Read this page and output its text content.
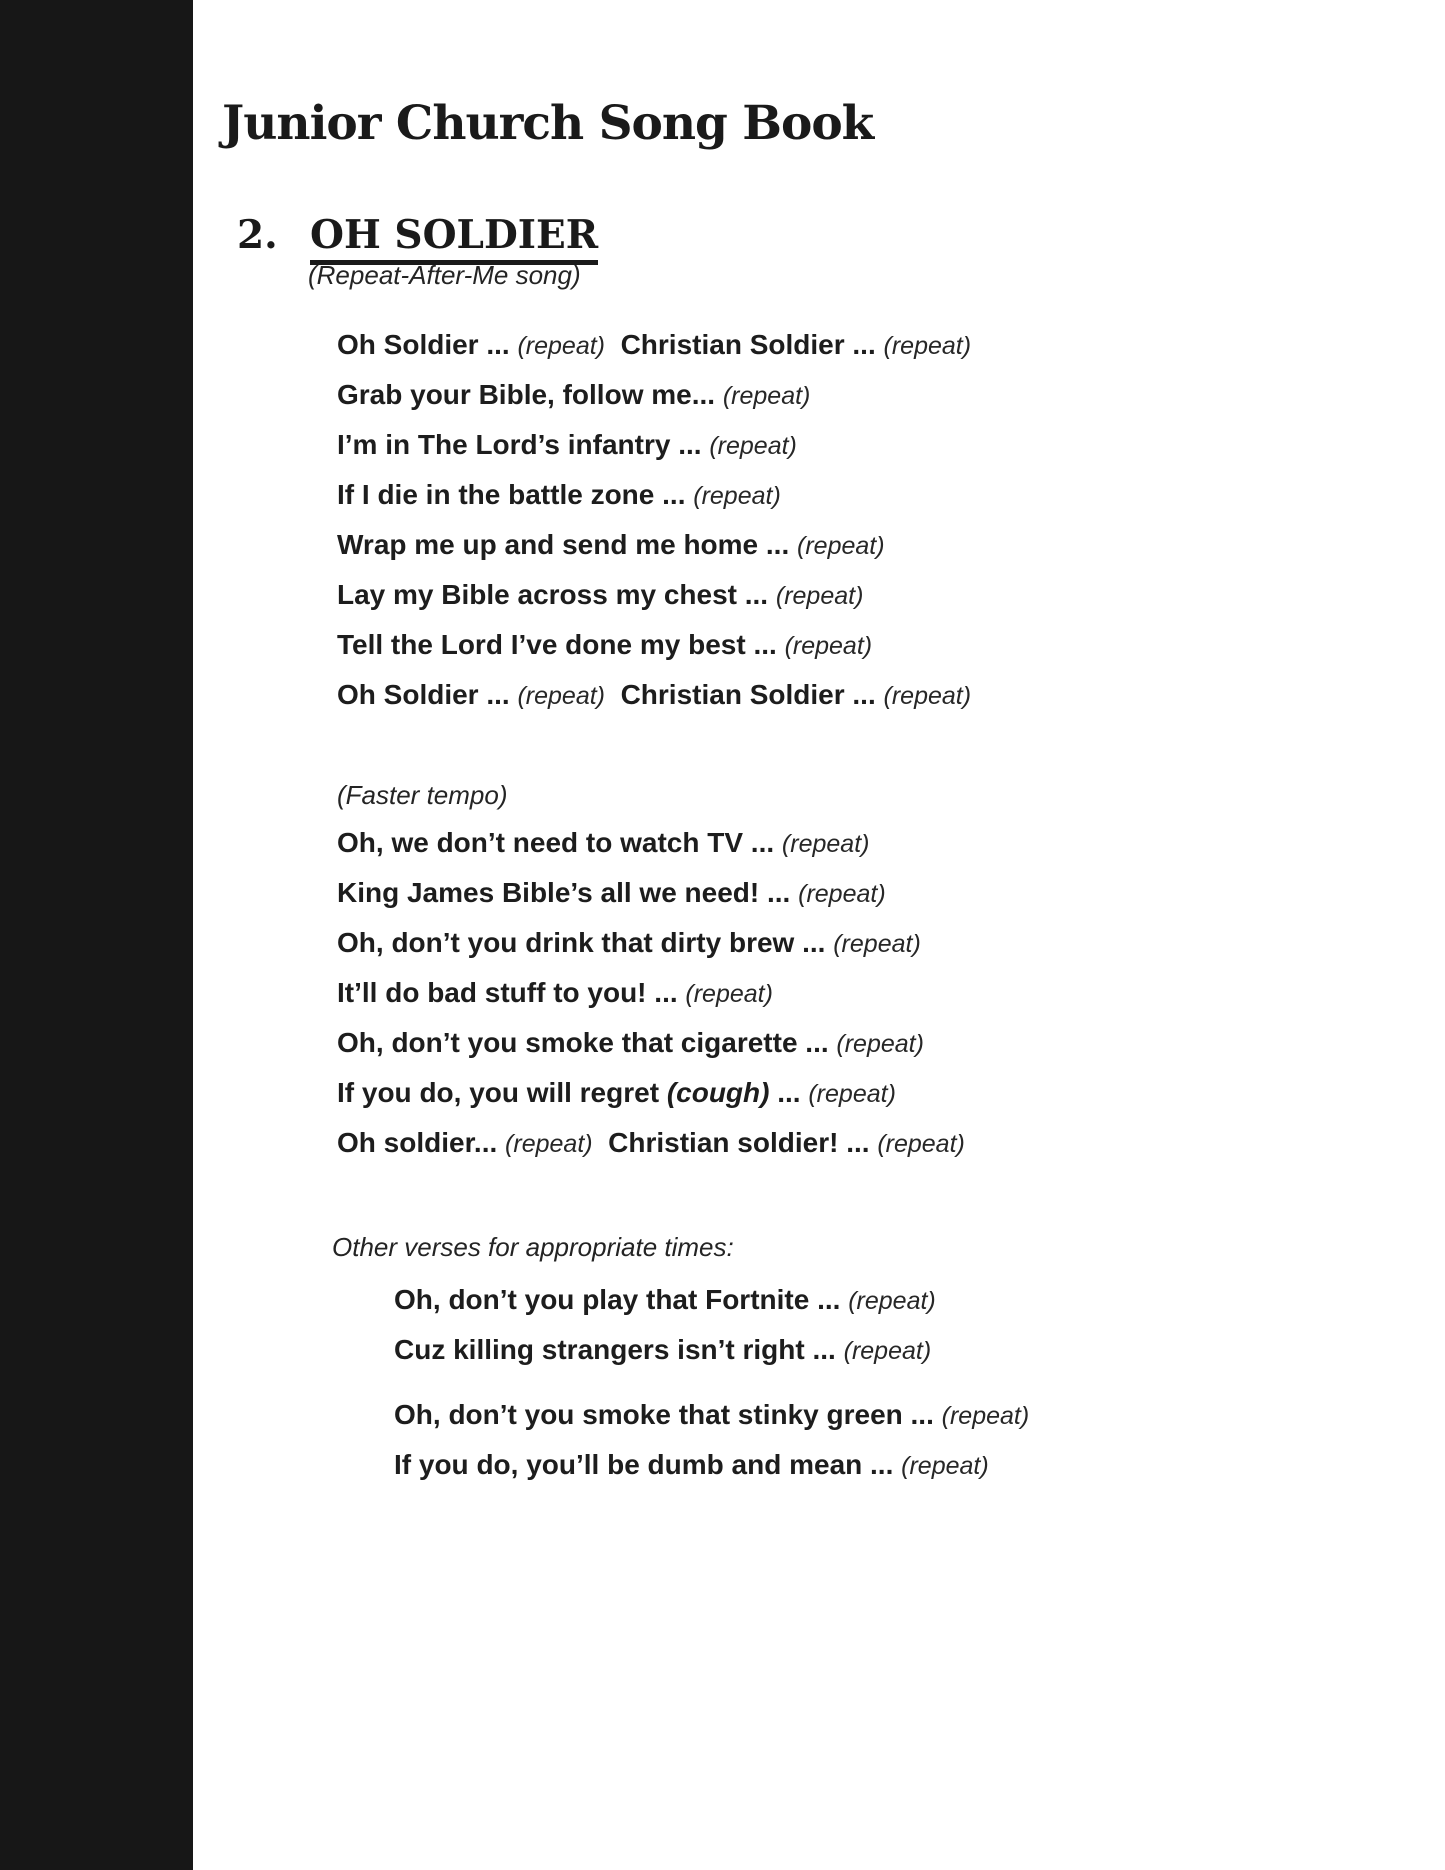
Junior Church Song Book
2. OH SOLDIER
(Repeat-After-Me song)
Oh Soldier ... (repeat)  Christian Soldier ... (repeat)
Grab your Bible, follow me... (repeat)
I’m in The Lord’s infantry ... (repeat)
If I die in the battle zone ... (repeat)
Wrap me up and send me home ... (repeat)
Lay my Bible across my chest ... (repeat)
Tell the Lord I’ve done my best ... (repeat)
Oh Soldier ... (repeat)  Christian Soldier ... (repeat)
(Faster tempo)
Oh, we don’t need to watch TV ... (repeat)
King James Bible’s all we need! ... (repeat)
Oh, don’t you drink that dirty brew ... (repeat)
It’ll do bad stuff to you! ... (repeat)
Oh, don’t you smoke that cigarette ... (repeat)
If you do, you will regret (cough) ... (repeat)
Oh soldier... (repeat)  Christian soldier! ... (repeat)
Other verses for appropriate times:
Oh, don’t you play that Fortnite ... (repeat)
Cuz killing strangers isn’t right ... (repeat)
Oh, don’t you smoke that stinky green ... (repeat)
If you do, you’ll be dumb and mean ... (repeat)
